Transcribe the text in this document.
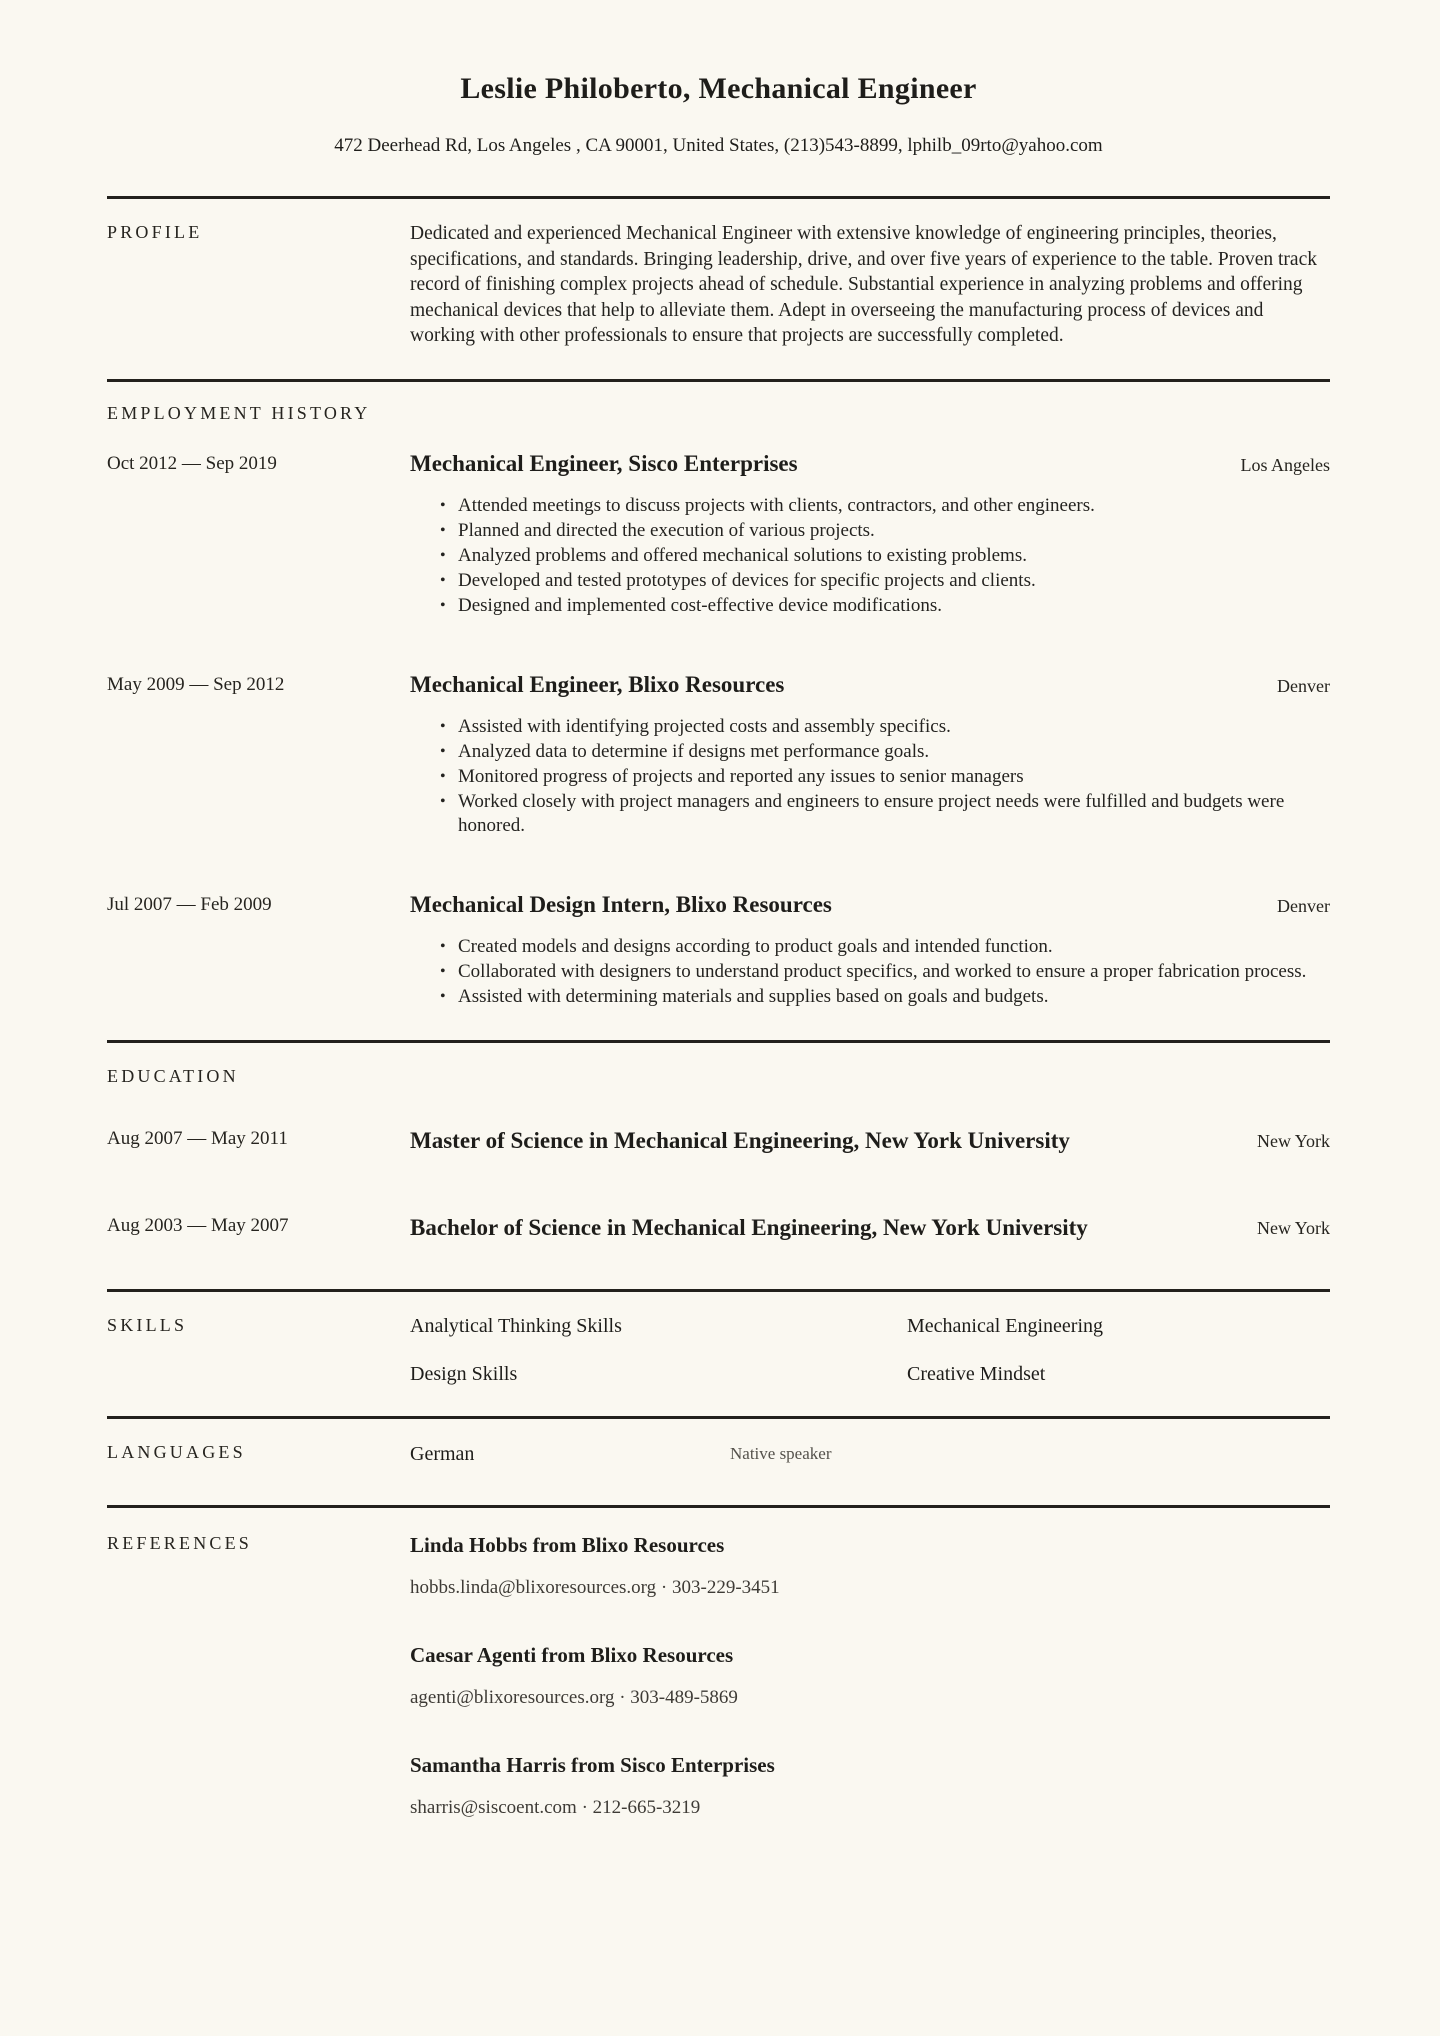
Leslie Philoberto, Mechanical Engineer
472 Deerhead Rd, Los Angeles , CA 90001, United States, (213)543-8899, lphilb_09rto@yahoo.com
PROFILE	Dedicated and experienced Mechanical Engineer with extensive knowledge of engineering principles, theories, specifications, and standards. Bringing leadership, drive, and over five years of experience to the table. Proven track record of finishing complex projects ahead of schedule. Substantial experience in analyzing problems and offering mechanical devices that help to alleviate them. Adept in overseeing the manufacturing process of devices and working with other professionals to ensure that projects are successfully completed.
EMPLOYMENT HISTORY
Oct 2012 — Sep 2019	Mechanical Engineer, Sisco Enterprises	Los Angeles
• Attended meetings to discuss projects with clients, contractors, and other engineers.
• Planned and directed the execution of various projects.
• Analyzed problems and offered mechanical solutions to existing problems.
• Developed and tested prototypes of devices for specific projects and clients.
• Designed and implemented cost-effective device modifications.
May 2009 — Sep 2012	Mechanical Engineer, Blixo Resources	Denver
• Assisted with identifying projected costs and assembly specifics.
• Analyzed data to determine if designs met performance goals.
• Monitored progress of projects and reported any issues to senior managers
• Worked closely with project managers and engineers to ensure project needs were fulfilled and budgets were honored.
Jul 2007 — Feb 2009	Mechanical Design Intern, Blixo Resources	Denver
• Created models and designs according to product goals and intended function.
• Collaborated with designers to understand product specifics, and worked to ensure a proper fabrication process.
• Assisted with determining materials and supplies based on goals and budgets.
EDUCATION
Aug 2007 — May 2011	Master of Science in Mechanical Engineering, New York University	New York
Aug 2003 — May 2007	Bachelor of Science in Mechanical Engineering, New York University	New York
SKILLS	Analytical Thinking Skills	Mechanical Engineering
Design Skills	Creative Mindset
LANGUAGES	German	Native speaker
REFERENCES	Linda Hobbs from Blixo Resources
hobbs.linda@blixoresources.org · 303-229-3451
Caesar Agenti from Blixo Resources
agenti@blixoresources.org · 303-489-5869
Samantha Harris from Sisco Enterprises
sharris@siscoent.com · 212-665-3219
